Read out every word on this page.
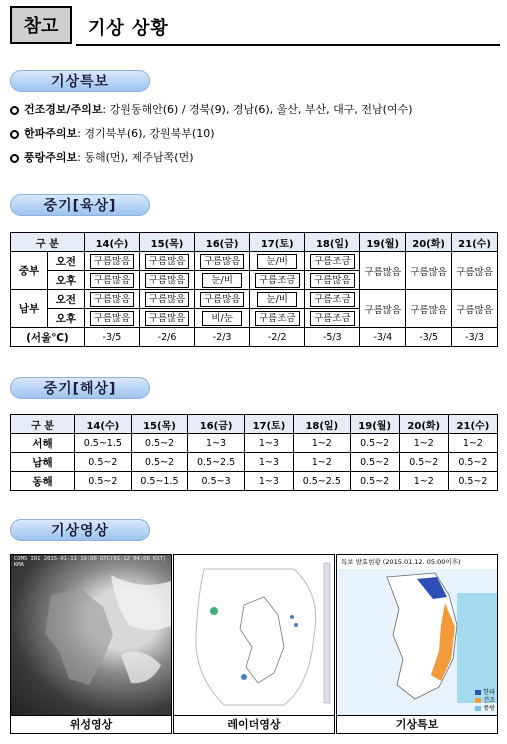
참고	기상 상황
기상특보
건조경보/주의보 : 강원동해안(6) / 경북(9), 경남(6), 울산, 부산, 대구, 전남(여수)
한파주의보 : 경기북부(6), 강원북부(10)
풍랑주의보 : 동해(먼), 제주남쪽(먼)
중기[육상]
구 분		14(수)	15(목)	16(금)	17(토)	18(일)	19(월)	20(화)	21(수)
중부	오전	구름많음	구름많음	구름많음	눈/비	구름조금	구름많음	구름많음	구름많음
	오후	구름많음	구름많음	눈/비	구름조금	구름많음			
남부	오전	구름많음	구름많음	구름많음	눈/비	구름조금	구름많음	구름많음	구름많음
	오후	구름많음	구름많음	비/눈	구름조금	구름조금			
(서울℃)		-3/5	-2/6	-2/3	-2/2	-5/3	-3/4	-3/5	-3/3
중기[해상]
구 분	14(수)	15(목)	16(금)	17(토)	18(일)	19(월)	20(화)	21(수)
서해	0.5~1.5	0.5~2	1~3	1~3	1~2	0.5~2	1~2	1~2
남해	0.5~2	0.5~2	0.5~2.5	1~3	1~2	0.5~2	0.5~2	0.5~2
동해	0.5~2	0.5~1.5	0.5~3	1~3	0.5~2.5	0.5~2	1~2	0.5~2
기상영상
COMS IR1 2015-01-11 19:00 UTC(01-12 04:00 KST) KMA
위성영상	레이더영상
특보 발효현황 (2015.01.12. 05:00이후)
한파
건조
풍랑
기상특보
